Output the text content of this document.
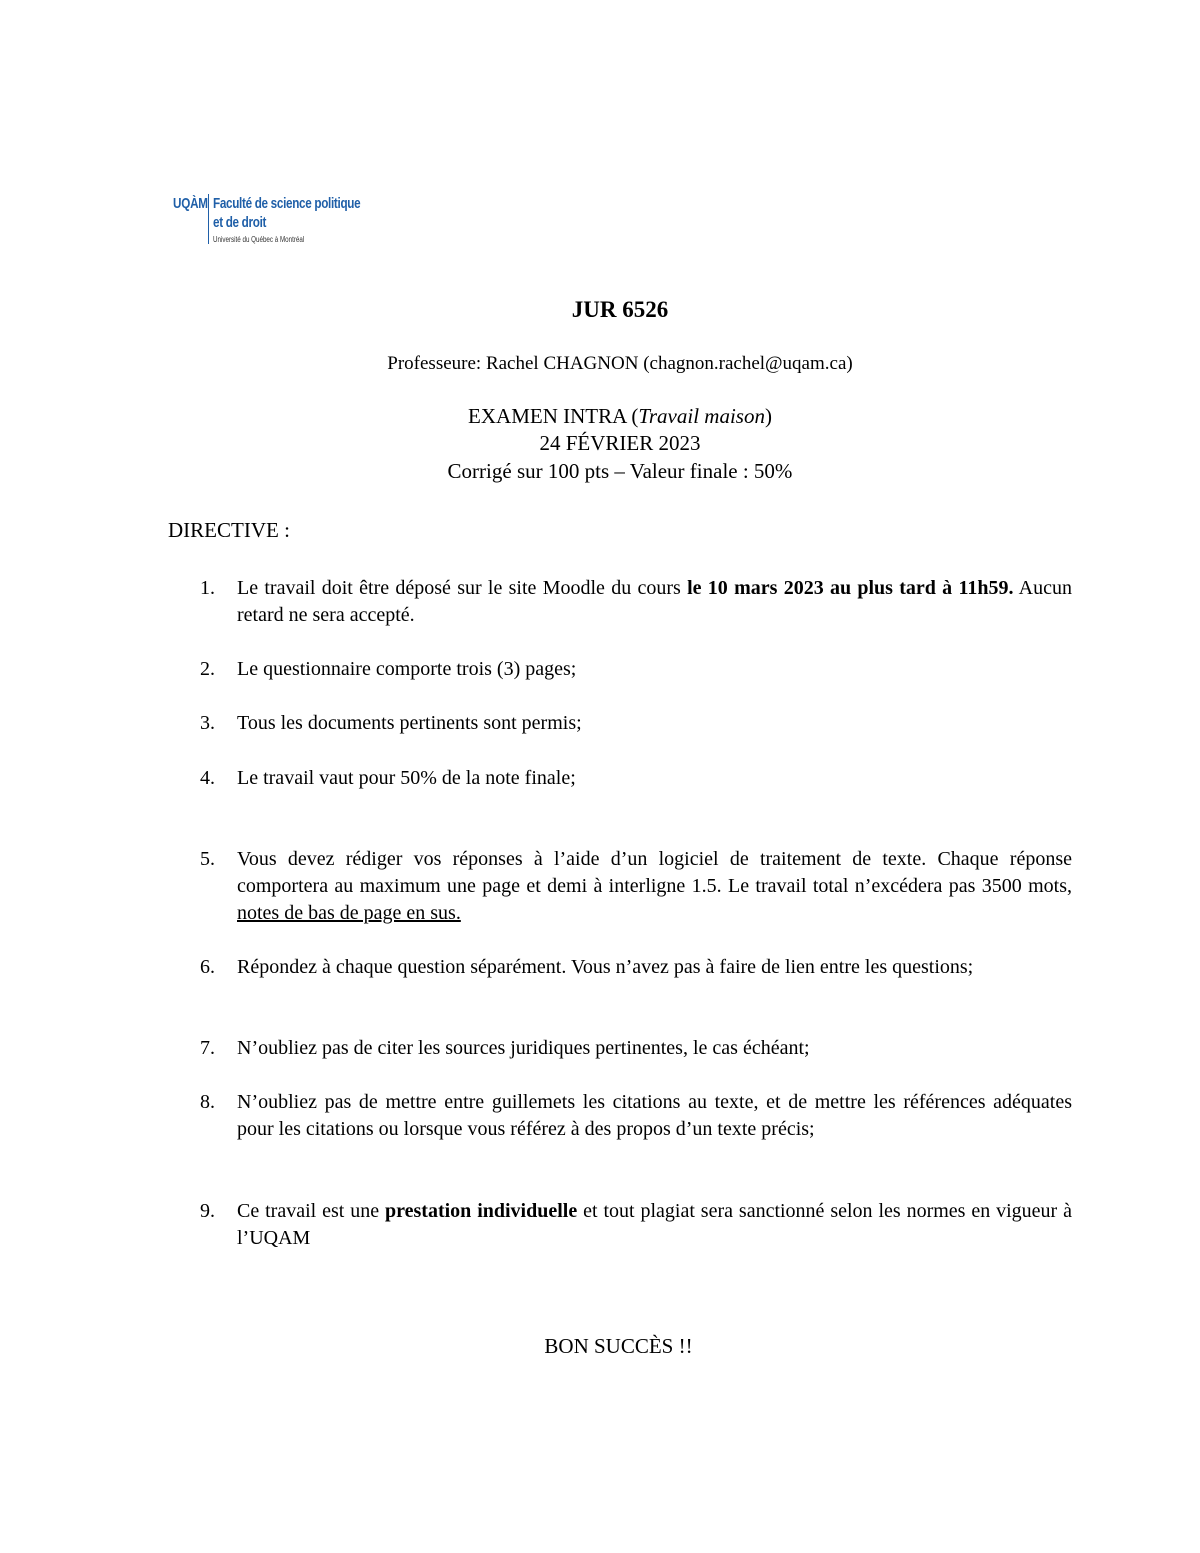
UQÀM Faculté de science politique
et de droit
Université du Québec à Montréal
JUR 6526
Professeure: Rachel CHAGNON (chagnon.rachel@uqam.ca)
EXAMEN INTRA (Travail maison)
24 FÉVRIER 2023
Corrigé sur 100 pts – Valeur finale : 50%
DIRECTIVE :
1.	Le travail doit être déposé sur le site Moodle du cours le 10 mars 2023 au plus tard à 11h59. Aucun retard ne sera accepté.
2.	Le questionnaire comporte trois (3) pages;
3.	Tous les documents pertinents sont permis;
4.	Le travail vaut pour 50% de la note finale;
5.	Vous devez rédiger vos réponses à l’aide d’un logiciel de traitement de texte. Chaque réponse comportera au maximum une page et demi à interligne 1.5. Le travail total n’excédera pas 3500 mots, notes de bas de page en sus.
6.	Répondez à chaque question séparément. Vous n’avez pas à faire de lien entre les questions;
7.	N’oubliez pas de citer les sources juridiques pertinentes, le cas échéant;
8.	N’oubliez pas de mettre entre guillemets les citations au texte, et de mettre les références adéquates pour les citations ou lorsque vous référez à des propos d’un texte précis;
9.	Ce travail est une prestation individuelle et tout plagiat sera sanctionné selon les normes en vigueur à l’UQAM
BON SUCCÈS !!
